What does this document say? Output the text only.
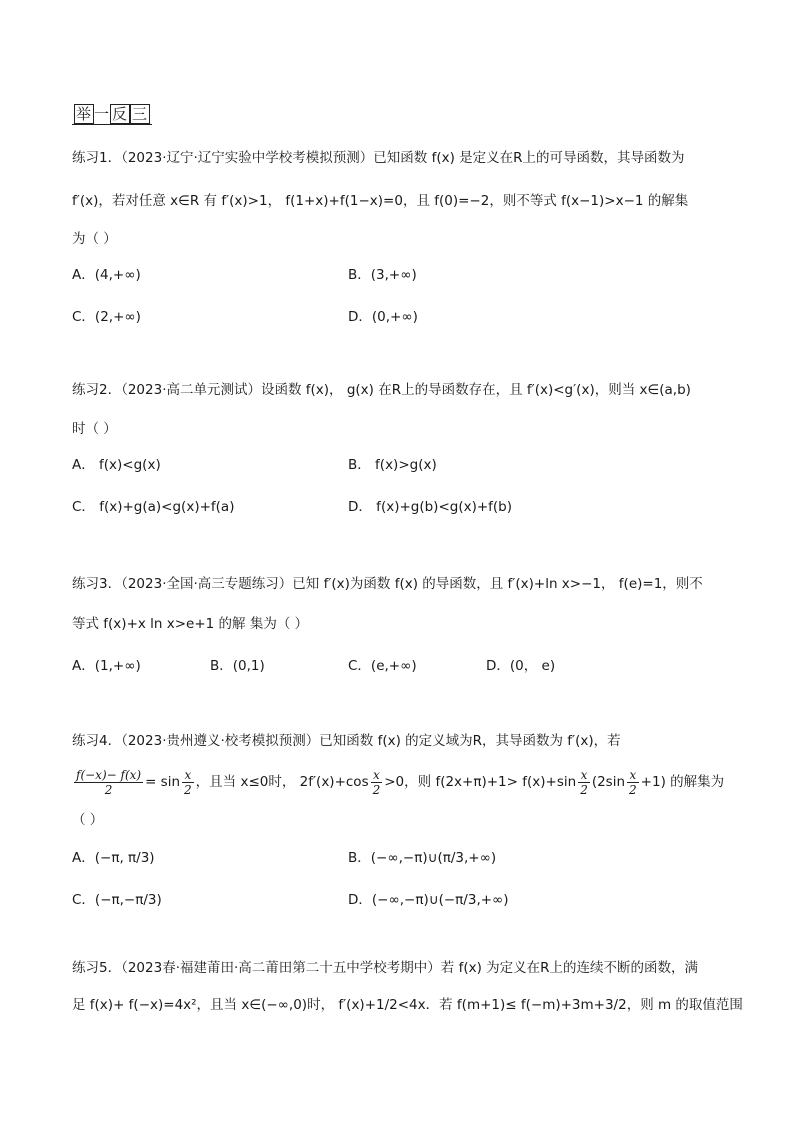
举 一 反 三
练习1．（2023·辽宁·辽宁实验中学校考模拟预测）已知函数 f(x) 是定义在R上的可导函数，其导函数为
f′(x)，若对任意 x∈R 有 f′(x)>1， f(1+x)+f(1−x)=0，且 f(0)=−2，则不等式 f(x−1)>x−1 的解集
为（ ）
A．(4,+∞)	B．(3,+∞)
C．(2,+∞)	D．(0,+∞)
练习2．（2023·高二单元测试）设函数 f(x)， g(x) 在R上的导函数存在，且 f′(x)<g′(x)，则当 x∈(a,b)
时（ ）
A． f(x)<g(x)	B． f(x)>g(x)
C． f(x)+g(a)<g(x)+f(a)	D． f(x)+g(b)<g(x)+f(b)
练习3．（2023·全国·高三专题练习）已知 f′(x)为函数 f(x) 的导函数，且 f′(x)+ln x>−1， f(e)=1，则不
等式 f(x)+x ln x>e+1 的解 集为（ ）
A．(1,+∞)	B．(0,1)	C．(e,+∞)	D．(0， e)
练习4．（2023·贵州遵义·校考模拟预测）已知函数 f(x) 的定义域为R，其导函数为 f′(x)，若
$\frac{f(-x)- f(x)}{2} = \sin \frac{x}{2}$ ，且当 x≤0时， $2f'(x)+\cos \frac{x}{2} >0$，则 $f(2x+\pi)+1> f(x)+\sin \frac{x}{2} (2\sin \frac{x}{2} +1)$ 的解集为
（ ）
A．(−π, π/3)	B．(−∞,−π)∪(π/3,+∞)
C．(−π,−π/3)	D．(−∞,−π)∪(−π/3,+∞)
练习5．（2023春·福建莆田·高二莆田第二十五中学校考期中）若 f(x) 为定义在R上的连续不断的函数，满
足 f(x)+ f(−x)=4x²，且当 x∈(−∞,0)时， f′(x)+1/2<4x．若 f(m+1)≤ f(−m)+3m+3/2，则 m 的取值范围
